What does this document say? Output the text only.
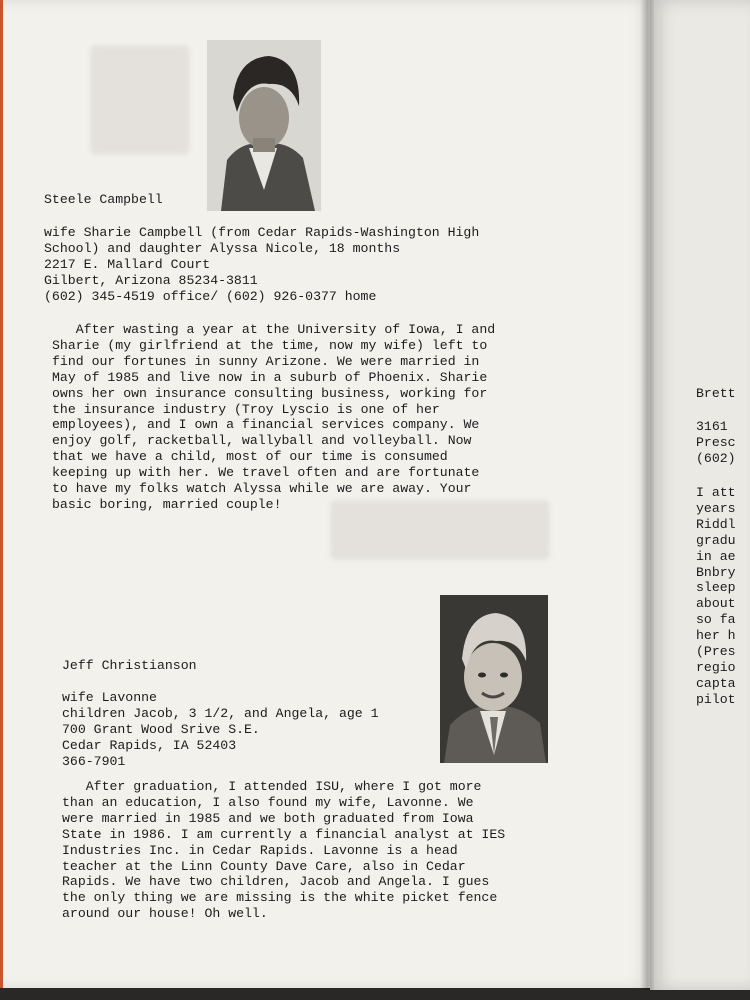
Steele Campbell
wife Sharie Campbell (from Cedar Rapids-Washington High
School) and daughter Alyssa Nicole, 18 months
2217 E. Mallard Court
Gilbert, Arizona 85234-3811
(602) 345-4519 office/ (602) 926-0377 home
After wasting a year at the University of Iowa, I and
Sharie (my girlfriend at the time, now my wife) left to
find our fortunes in sunny Arizone. We were married in
May of 1985 and live now in a suburb of Phoenix. Sharie
owns her own insurance consulting business, working for
the insurance industry (Troy Lyscio is one of her
employees), and I own a financial services company. We
enjoy golf, racketball, wallyball and volleyball. Now
that we have a child, most of our time is consumed
keeping up with her. We travel often and are fortunate
to have my folks watch Alyssa while we are away. Your
basic boring, married couple!
Jeff Christianson
wife Lavonne
children Jacob, 3 1/2, and Angela, age 1
700 Grant Wood Srive S.E.
Cedar Rapids, IA 52403
366-7901
After graduation, I attended ISU, where I got more
than an education, I also found my wife, Lavonne. We
were married in 1985 and we both graduated from Iowa
State in 1986. I am currently a financial analyst at IES
Industries Inc. in Cedar Rapids. Lavonne is a head
teacher at the Linn County Dave Care, also in Cedar
Rapids. We have two children, Jacob and Angela. I gues
the only thing we are missing is the white picket fence
around our house! Oh well.
Brett
3161
Presc
(602)
I att
years
Riddl
gradu
in ae
Bnbry
sleep
about
so fa
her h
(Pres
regio
capta
pilot
